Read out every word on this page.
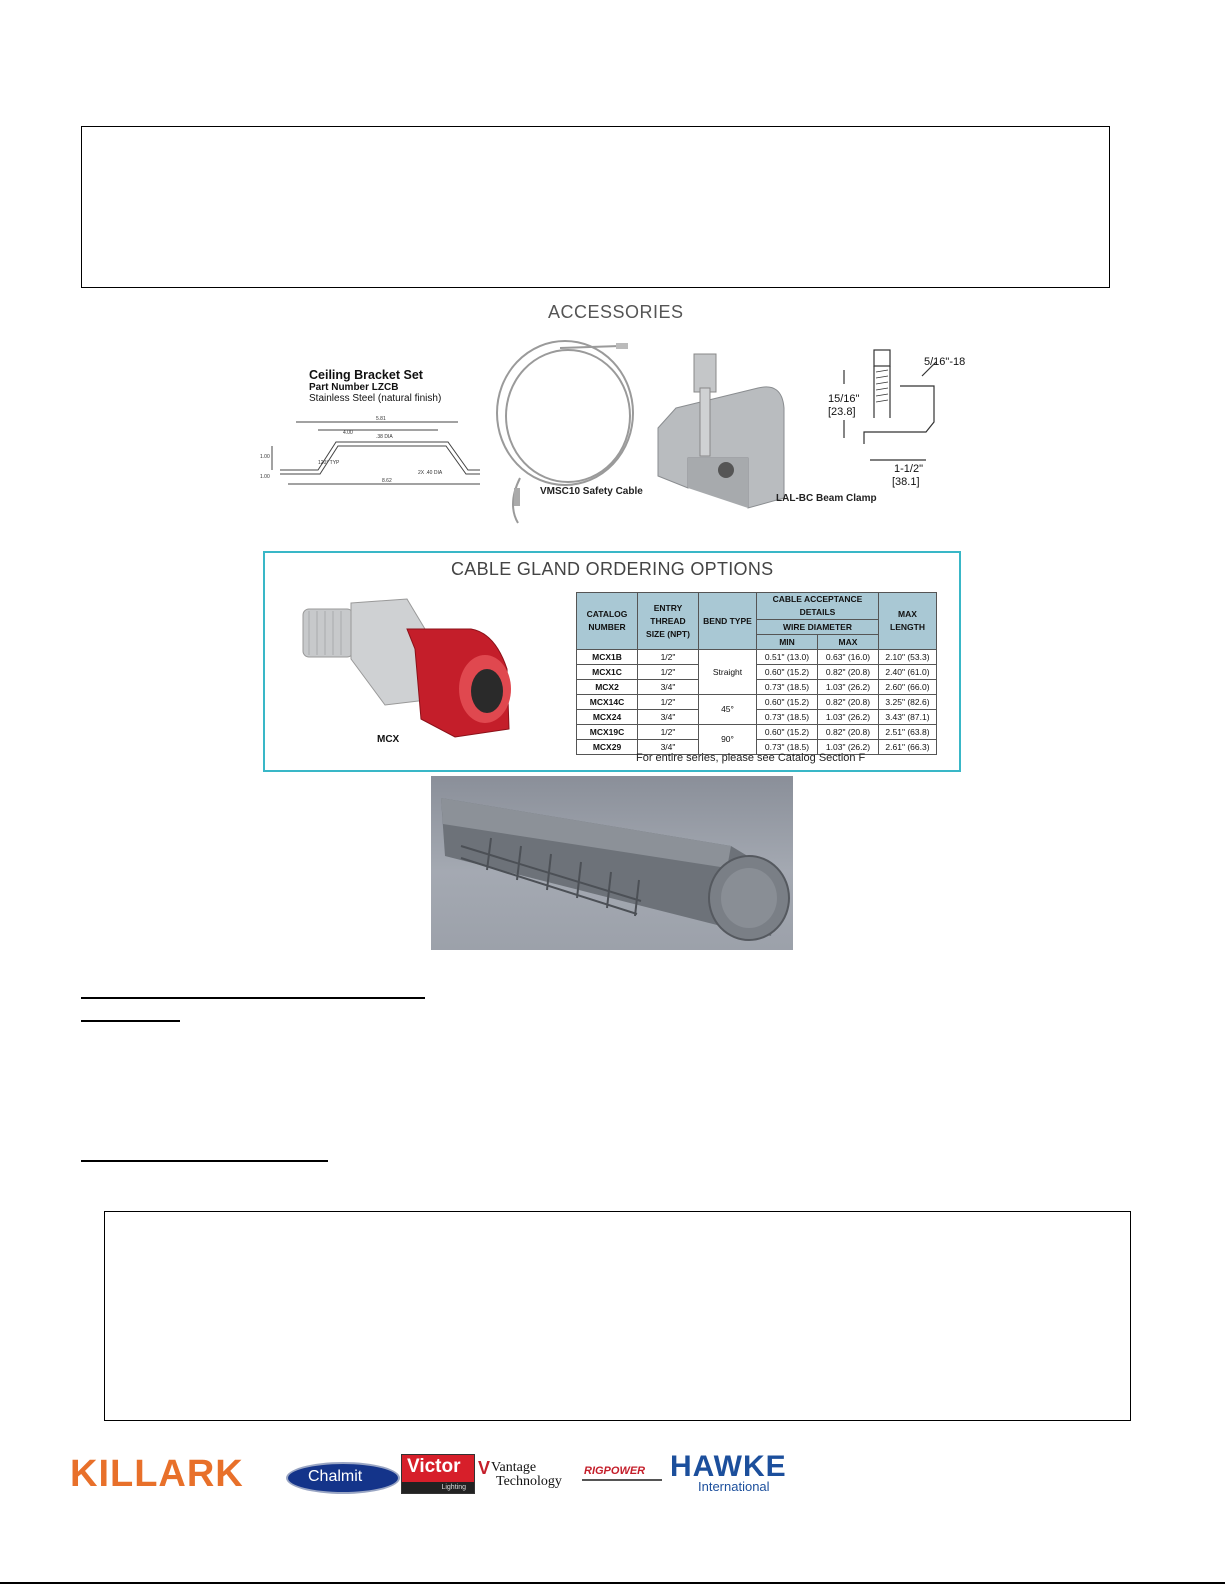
ACCESSORIES
Ceiling Bracket Set
Part Number LZCB
Stainless Steel (natural finish)
5.81
4.00
.38 DIA
1.00
120° TYP
2X .40 DIA
8.62
1.00
VMSC10 Safety Cable
LAL-BC Beam Clamp
5/16"-18
15/16"
[23.8]
1-1/2"
[38.1]
CABLE GLAND ORDERING OPTIONS
MCX
CATALOG NUMBER	ENTRY THREAD SIZE (NPT)	BEND TYPE	CABLE ACCEPTANCE DETAILS		MAX LENGTH
			WIRE DIAMETER		
			MIN	MAX	
MCX1B	1/2"	Straight	0.51" (13.0)	0.63" (16.0)	2.10" (53.3)
MCX1C	1/2"		0.60" (15.2)	0.82" (20.8)	2.40" (61.0)
MCX2	3/4"		0.73" (18.5)	1.03" (26.2)	2.60" (66.0)
MCX14C	1/2"	45°	0.60" (15.2)	0.82" (20.8)	3.25" (82.6)
MCX24	3/4"		0.73" (18.5)	1.03" (26.2)	3.43" (87.1)
MCX19C	1/2"	90°	0.60" (15.2)	0.82" (20.8)	2.51" (63.8)
MCX29	3/4"		0.73" (18.5)	1.03" (26.2)	2.61" (66.3)
For entire series, please see Catalog Section F
KILLARK	Chalmit Victor
Lighting
V Vantage
Technology
RIGPOWER HAWKE
International
